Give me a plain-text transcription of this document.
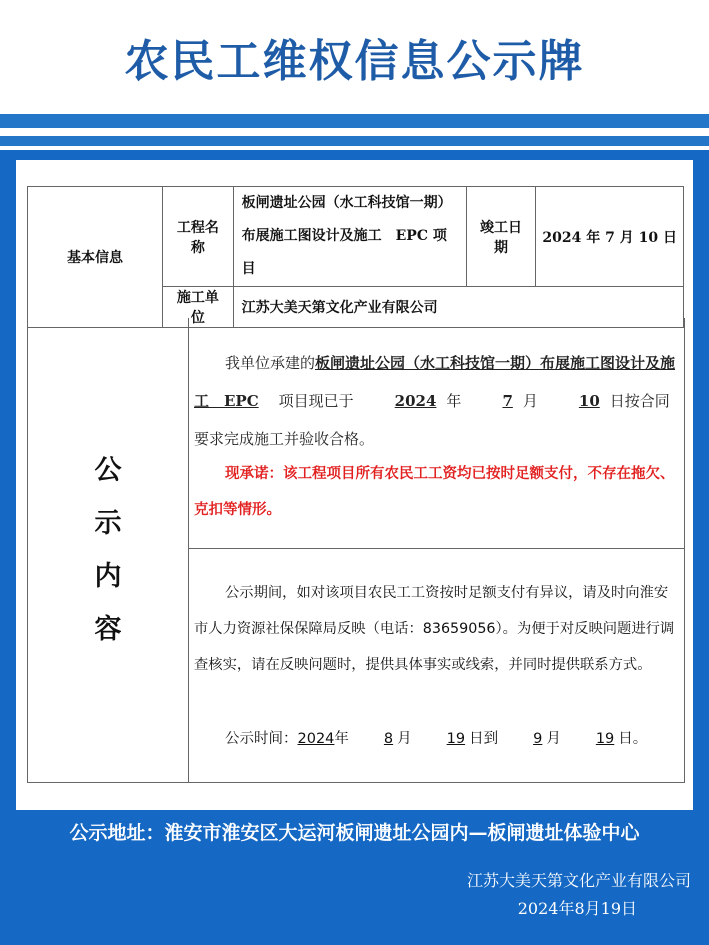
农民工维权信息公示牌
基本信息	工程名称	板闸遗址公园（水工科技馆一期）布展施工图设计及施工　EPC 项目	竣工日期	2024 年 7 月 10 日
	施工单位	江苏大美天第文化产业有限公司		
公
示
内
容
我单位承建的板闸遗址公园（水工科技馆一期）布展施工图设计及施工　EPC 项目现已于	2024 年	7 月	10 日按合同要求完成施工并验收合格。
现承诺：该工程项目所有农民工工资均已按时足额支付，不存在拖欠、克扣等情形。
公示期间，如对该项目农民工工资按时足额支付有异议，请及时向淮安市人力资源社保保障局反映（电话：83659056）。为便于对反映问题进行调查核实，请在反映问题时，提供具体事实或线索，并同时提供联系方式。
公示时间：2024年 8 月 19 日到 9 月 19 日。
公示地址：淮安市淮安区大运河板闸遗址公园内—板闸遗址体验中心
江苏大美天第文化产业有限公司
2024年8月19日
